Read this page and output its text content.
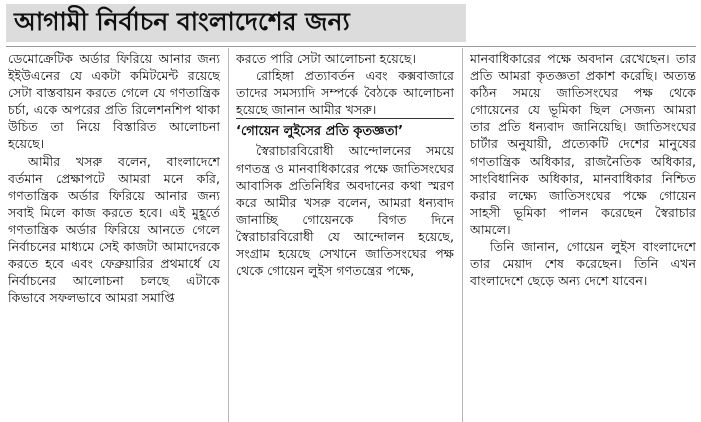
আগামী নির্বাচন বাংলাদেশের জন্য

ডেমোক্রেটিক অর্ডার ফিরিয়ে আনার জন্য ইইউএনের যে একটা কমিটমেন্ট রয়েছে সেটা বাস্তবায়ন করতে গেলে যে গণতান্ত্রিক চর্চা, একে অপরের প্রতি রিলেশনশিপ থাকা উচিত তা নিয়ে বিস্তারিত আলোচনা হয়েছে।

আমীর খসরু বলেন, বাংলাদেশে বর্তমান প্রেক্ষাপটে আমরা মনে করি, গণতান্ত্রিক অর্ডার ফিরিয়ে আনার জন্য সবাই মিলে কাজ করতে হবে। এই মুহূর্তে গণতান্ত্রিক অর্ডার ফিরিয়ে আনতে গেলে নির্বাচনের মাধ্যমে সেই কাজটা আমাদেরকে করতে হবে এবং ফেব্রুয়ারির প্রথমার্ধে যে নির্বাচনের আলোচনা চলছে এটাকে কিভাবে সফলভাবে আমরা সমাপ্তি

করতে পারি সেটা আলোচনা হয়েছে।

রোহিঙ্গা প্রত্যাবর্তন এবং কক্সবাজারে তাদের সমস্যাদি সম্পর্কে বৈঠকে আলোচনা হয়েছে জানান আমীর খসরু।

‘গোয়েন লুইসের প্রতি কৃতজ্ঞতা’

স্বৈরাচারবিরোধী আন্দোলনের সময়ে গণতন্ত্র ও মানবাধিকারের পক্ষে জাতিসংঘের আবাসিক প্রতিনিধির অবদানের কথা স্মরণ করে আমীর খসরু বলেন, আমরা ধন্যবাদ জানাচ্ছি গোয়েনকে বিগত দিনে স্বৈরাচারবিরোধী যে আন্দোলন হয়েছে, সংগ্রাম হয়েছে সেখানে জাতিসংঘের পক্ষ থেকে গোয়েন লুইস গণতন্ত্রের পক্ষে,

মানবাধিকারের পক্ষে অবদান রেখেছেন। তার প্রতি আমরা কৃতজ্ঞতা প্রকাশ করেছি। অত্যন্ত কঠিন সময়ে জাতিসংঘের পক্ষ থেকে গোয়েনের যে ভূমিকা ছিল সেজন্য আমরা তার প্রতি ধন্যবাদ জানিয়েছি। জাতিসংঘের চার্টার অনুযায়ী, প্রত্যেকটি দেশের মানুষের গণতান্ত্রিক অধিকার, রাজনৈতিক অধিকার, সাংবিধানিক অধিকার, মানবাধিকার নিশ্চিত করার লক্ষ্যে জাতিসংঘের পক্ষে গোয়েন সাহসী ভূমিকা পালন করেছেন স্বৈরাচার আমলে।

তিনি জানান, গোয়েন লুইস বাংলাদেশে তার মেয়াদ শেষ করেছেন। তিনি এখন বাংলাদেশে ছেড়ে অন্য দেশে যাবেন।
